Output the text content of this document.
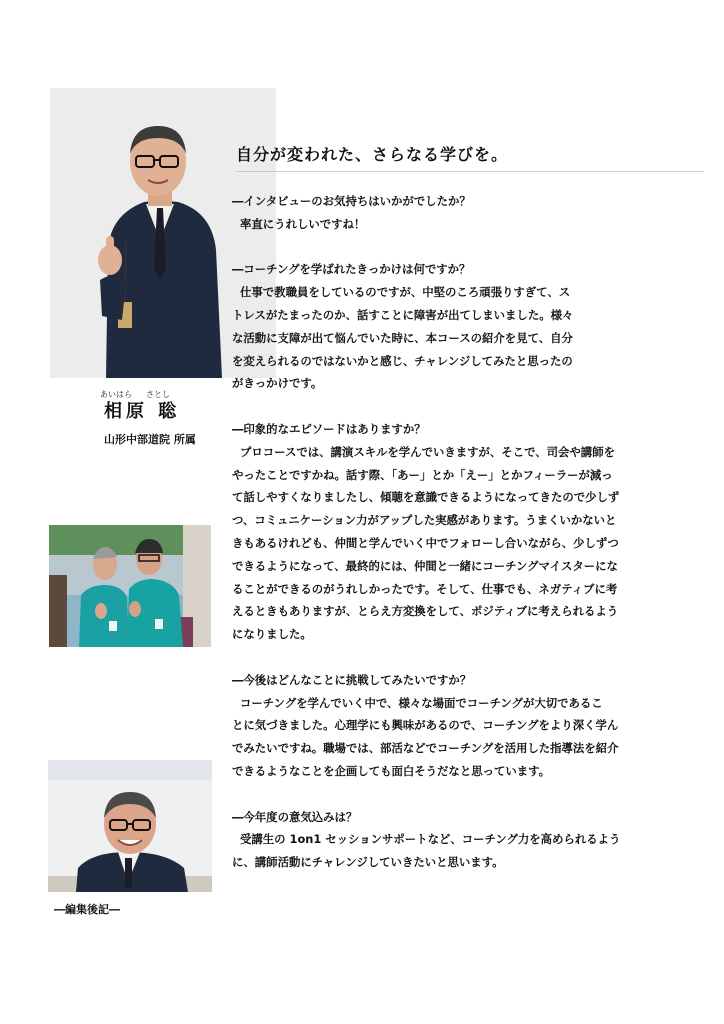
あいはら さとし
相原 聡
山形中部道院 所属
自分が変われた、さらなる学びを。
―インタビューのお気持ちはいかがでしたか？
率直にうれしいですね！
―コーチングを学ばれたきっかけは何ですか？
仕事で教職員をしているのですが、中堅のころ頑張りすぎて、ス
トレスがたまったのか、話すことに障害が出てしまいました。様々
な活動に支障が出て悩んでいた時に、本コースの紹介を見て、自分
を変えられるのではないかと感じ、チャレンジしてみたと思ったの
がきっかけです。
―印象的なエピソードはありますか？
プロコースでは、講演スキルを学んでいきますが、そこで、司会や講師を
やったことですかね。話す際、「あー」とか「えー」とかフィーラーが減っ
て話しやすくなりましたし、傾聴を意識できるようになってきたので少しず
つ、コミュニケーション力がアップした実感があります。うまくいかないと
きもあるけれども、仲間と学んでいく中でフォローし合いながら、少しずつ
できるようになって、最終的には、仲間と一緒にコーチングマイスターにな
ることができるのがうれしかったです。そして、仕事でも、ネガティブに考
えるときもありますが、とらえ方変換をして、ポジティブに考えられるよう
になりました。
―今後はどんなことに挑戦してみたいですか？
コーチングを学んでいく中で、様々な場面でコーチングが大切であるこ
とに気づきました。心理学にも興味があるので、コーチングをより深く学ん
でみたいですね。職場では、部活などでコーチングを活用した指導法を紹介
できるようなことを企画しても面白そうだなと思っています。
―今年度の意気込みは？
受講生の 1on1 セッションサポートなど、コーチング力を高められるよう
に、講師活動にチャレンジしていきたいと思います。
―編集後記―
